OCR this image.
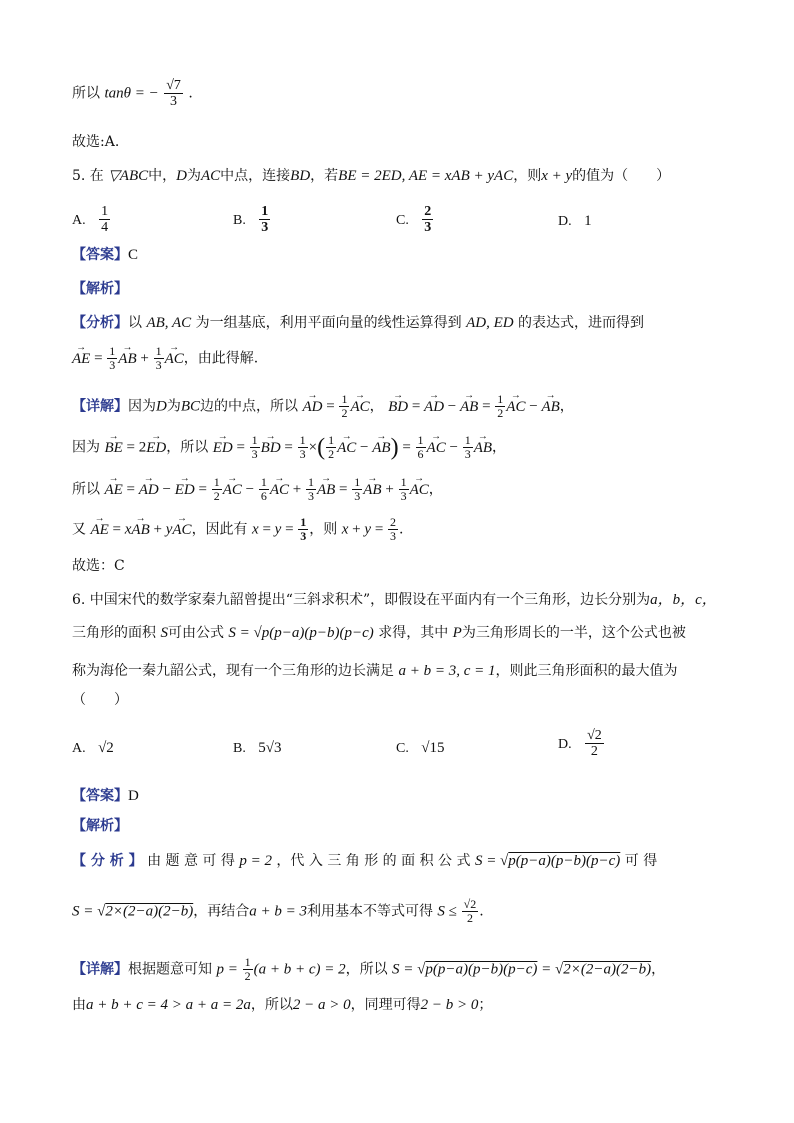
所以 tanθ = − $\frac{√7}{3}$ .
故选:A.
5. 在 ▽ABC中，D为AC中点，连接BD，若BE = 2ED, AE = xAB + yAC，则x + y的值为（　　）
A. $\frac{1}{4}$	B. $\frac{1}{3}$	C. $\frac{2}{3}$	D. 1
【答案】C
【解析】
【分析】以 AB, AC 为一组基底，利用平面向量的线性运算得到 AD, ED 的表达式，进而得到
→ AE = $\frac{1}{3}$ → AB + $\frac{1}{3}$ → AC，由此得解.
【详解】因为D为BC边的中点，所以 → AD = $\frac{1}{2}$ → AC， → BD = → AD − → AB = $\frac{1}{2}$ → AC − → AB，
因为 → BE = 2→ ED，所以 → ED = $\frac{1}{3}$ → BD = $\frac{1}{3}$ ×( $\frac{1}{2}$ → AC − → $AB) = \frac{1}{6}$ → AC − $\frac{1}{3}$ → AB，
所以 → AE = → AD − → ED = $\frac{1}{2}$ → AC − $\frac{1}{6}$ → AC + $\frac{1}{3}$ → AB = $\frac{1}{3}$ → AB + $\frac{1}{3}$ → AC，
又 → AE = x→ AB + y→ AC，因此有 $x = y = \frac{1}{3}$ ，则 $x + y = \frac{2}{3}$ .
故选：C
6. 中国宋代的数学家秦九韶曾提出“三斜求积术”，即假设在平面内有一个三角形，边长分别为a，b，c，
三角形的面积 S可由公式 S = √p(p−a)(p−b)(p−c) 求得，其中 P为三角形周长的一半，这个公式也被
称为海伦一秦九韶公式，现有一个三角形的边长满足 a + b = 3, c = 1，则此三角形面积的最大值为
（　　）
A. √2	B. 5√3	C. √15	D. $\frac{√2}{2}$
【答案】D
【解析】
【 分 析 】 由 题 意 可 得 p = 2 ，代 入 三 角 形 的 面 积 公 式 S = √p(p−a)(p−b)(p−c) 可 得
S = √2×(2−a)(2−b)，再结合a + b = 3利用基本不等式可得 $S \le \frac{√2}{2}$ .
【详解】根据题意可知 $p = \frac{1}{2} (a + b + c) = 2$，所以 S = √p(p−a)(p−b)(p−c) = √2×(2−a)(2−b)，
由a + b + c = 4 > a + a = 2a，所以2 − a > 0，同理可得2 − b > 0；
